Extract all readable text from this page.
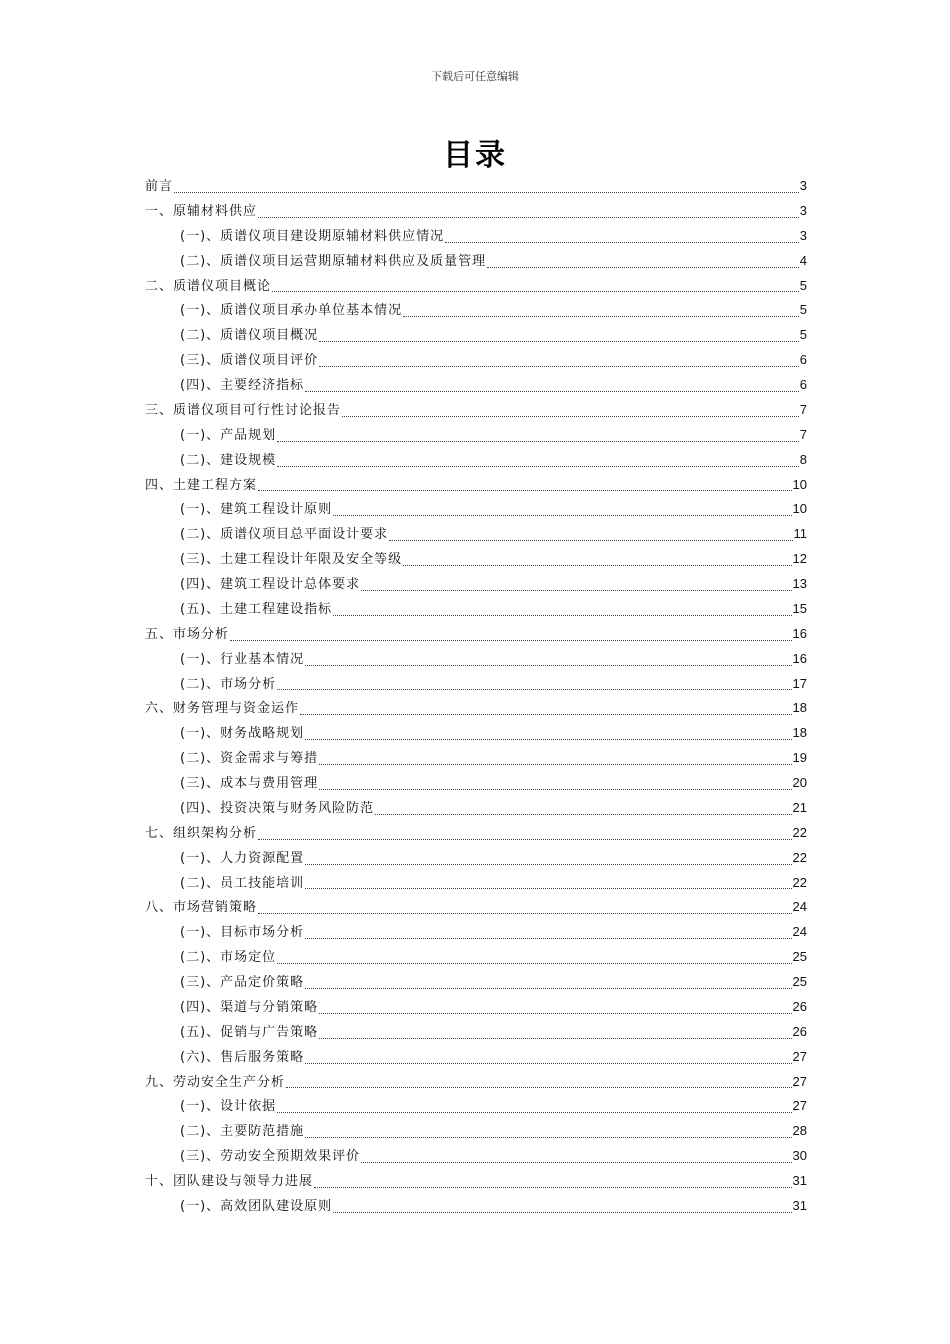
下载后可任意编辑
目录
前言	3
一、原辅材料供应	3
(一)、质谱仪项目建设期原辅材料供应情况	3
(二)、质谱仪项目运营期原辅材料供应及质量管理	4
二、质谱仪项目概论	5
(一)、质谱仪项目承办单位基本情况	5
(二)、质谱仪项目概况	5
(三)、质谱仪项目评价	6
(四)、主要经济指标	6
三、质谱仪项目可行性讨论报告	7
(一)、产品规划	7
(二)、建设规模	8
四、土建工程方案	10
(一)、建筑工程设计原则	10
(二)、质谱仪项目总平面设计要求	11
(三)、土建工程设计年限及安全等级	12
(四)、建筑工程设计总体要求	13
(五)、土建工程建设指标	15
五、市场分析	16
(一)、行业基本情况	16
(二)、市场分析	17
六、财务管理与资金运作	18
(一)、财务战略规划	18
(二)、资金需求与筹措	19
(三)、成本与费用管理	20
(四)、投资决策与财务风险防范	21
七、组织架构分析	22
(一)、人力资源配置	22
(二)、员工技能培训	22
八、市场营销策略	24
(一)、目标市场分析	24
(二)、市场定位	25
(三)、产品定价策略	25
(四)、渠道与分销策略	26
(五)、促销与广告策略	26
(六)、售后服务策略	27
九、劳动安全生产分析	27
(一)、设计依据	27
(二)、主要防范措施	28
(三)、劳动安全预期效果评价	30
十、团队建设与领导力进展	31
(一)、高效团队建设原则	31
